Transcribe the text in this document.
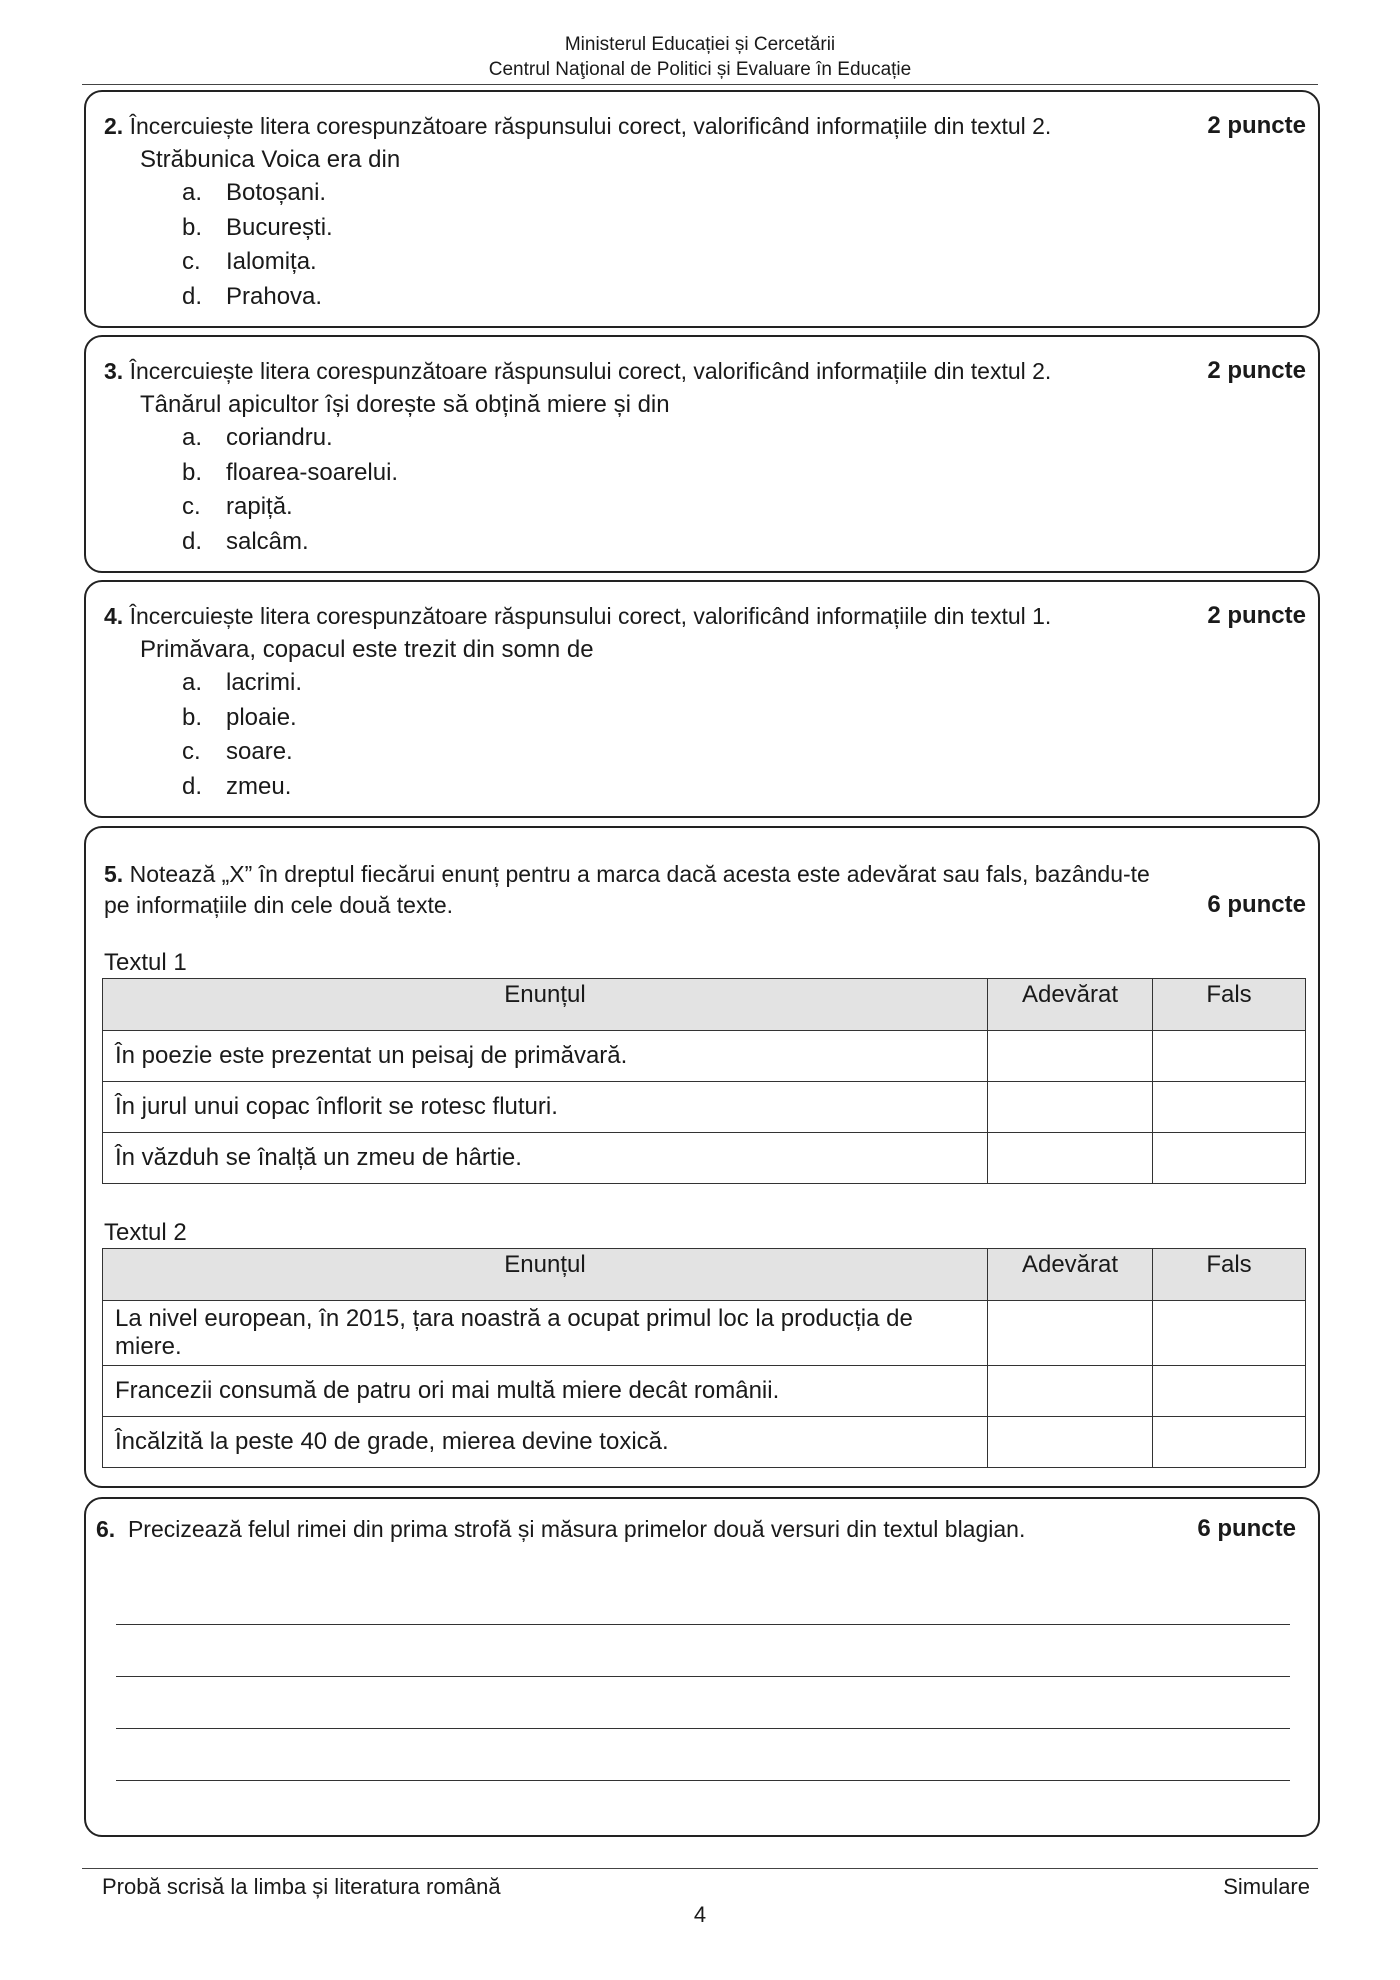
Ministerul Educației și Cercetării
Centrul Naţional de Politici și Evaluare în Educație
2. Încercuiește litera corespunzătoare răspunsului corect, valorificând informațiile din textul 2.	2 puncte
Străbunica Voica era din
a. Botoșani.
b. București.
c. Ialomița.
d. Prahova.
3. Încercuiește litera corespunzătoare răspunsului corect, valorificând informațiile din textul 2.	2 puncte
Tânărul apicultor își dorește să obțină miere și din
a. coriandru.
b. floarea-soarelui.
c. rapiță.
d. salcâm.
4. Încercuiește litera corespunzătoare răspunsului corect, valorificând informațiile din textul 1.	2 puncte
Primăvara, copacul este trezit din somn de
a. lacrimi.
b. ploaie.
c. soare.
d. zmeu.
5. Notează „X” în dreptul fiecărui enunț pentru a marca dacă acesta este adevărat sau fals, bazându-te
pe informațiile din cele două texte.	6 puncte
Textul 1
Enunțul	Adevărat	Fals
În poezie este prezentat un peisaj de primăvară.		
În jurul unui copac înflorit se rotesc fluturi.		
În văzduh se înalță un zmeu de hârtie.		
Textul 2
Enunțul	Adevărat	Fals
La nivel european, în 2015, țara noastră a ocupat primul loc la producția de miere.		
Francezii consumă de patru ori mai multă miere decât românii.		
Încălzită la peste 40 de grade, mierea devine toxică.		
6. Precizează felul rimei din prima strofă și măsura primelor două versuri din textul blagian.	6 puncte
Probă scrisă la limba și literatura română	Simulare
4
